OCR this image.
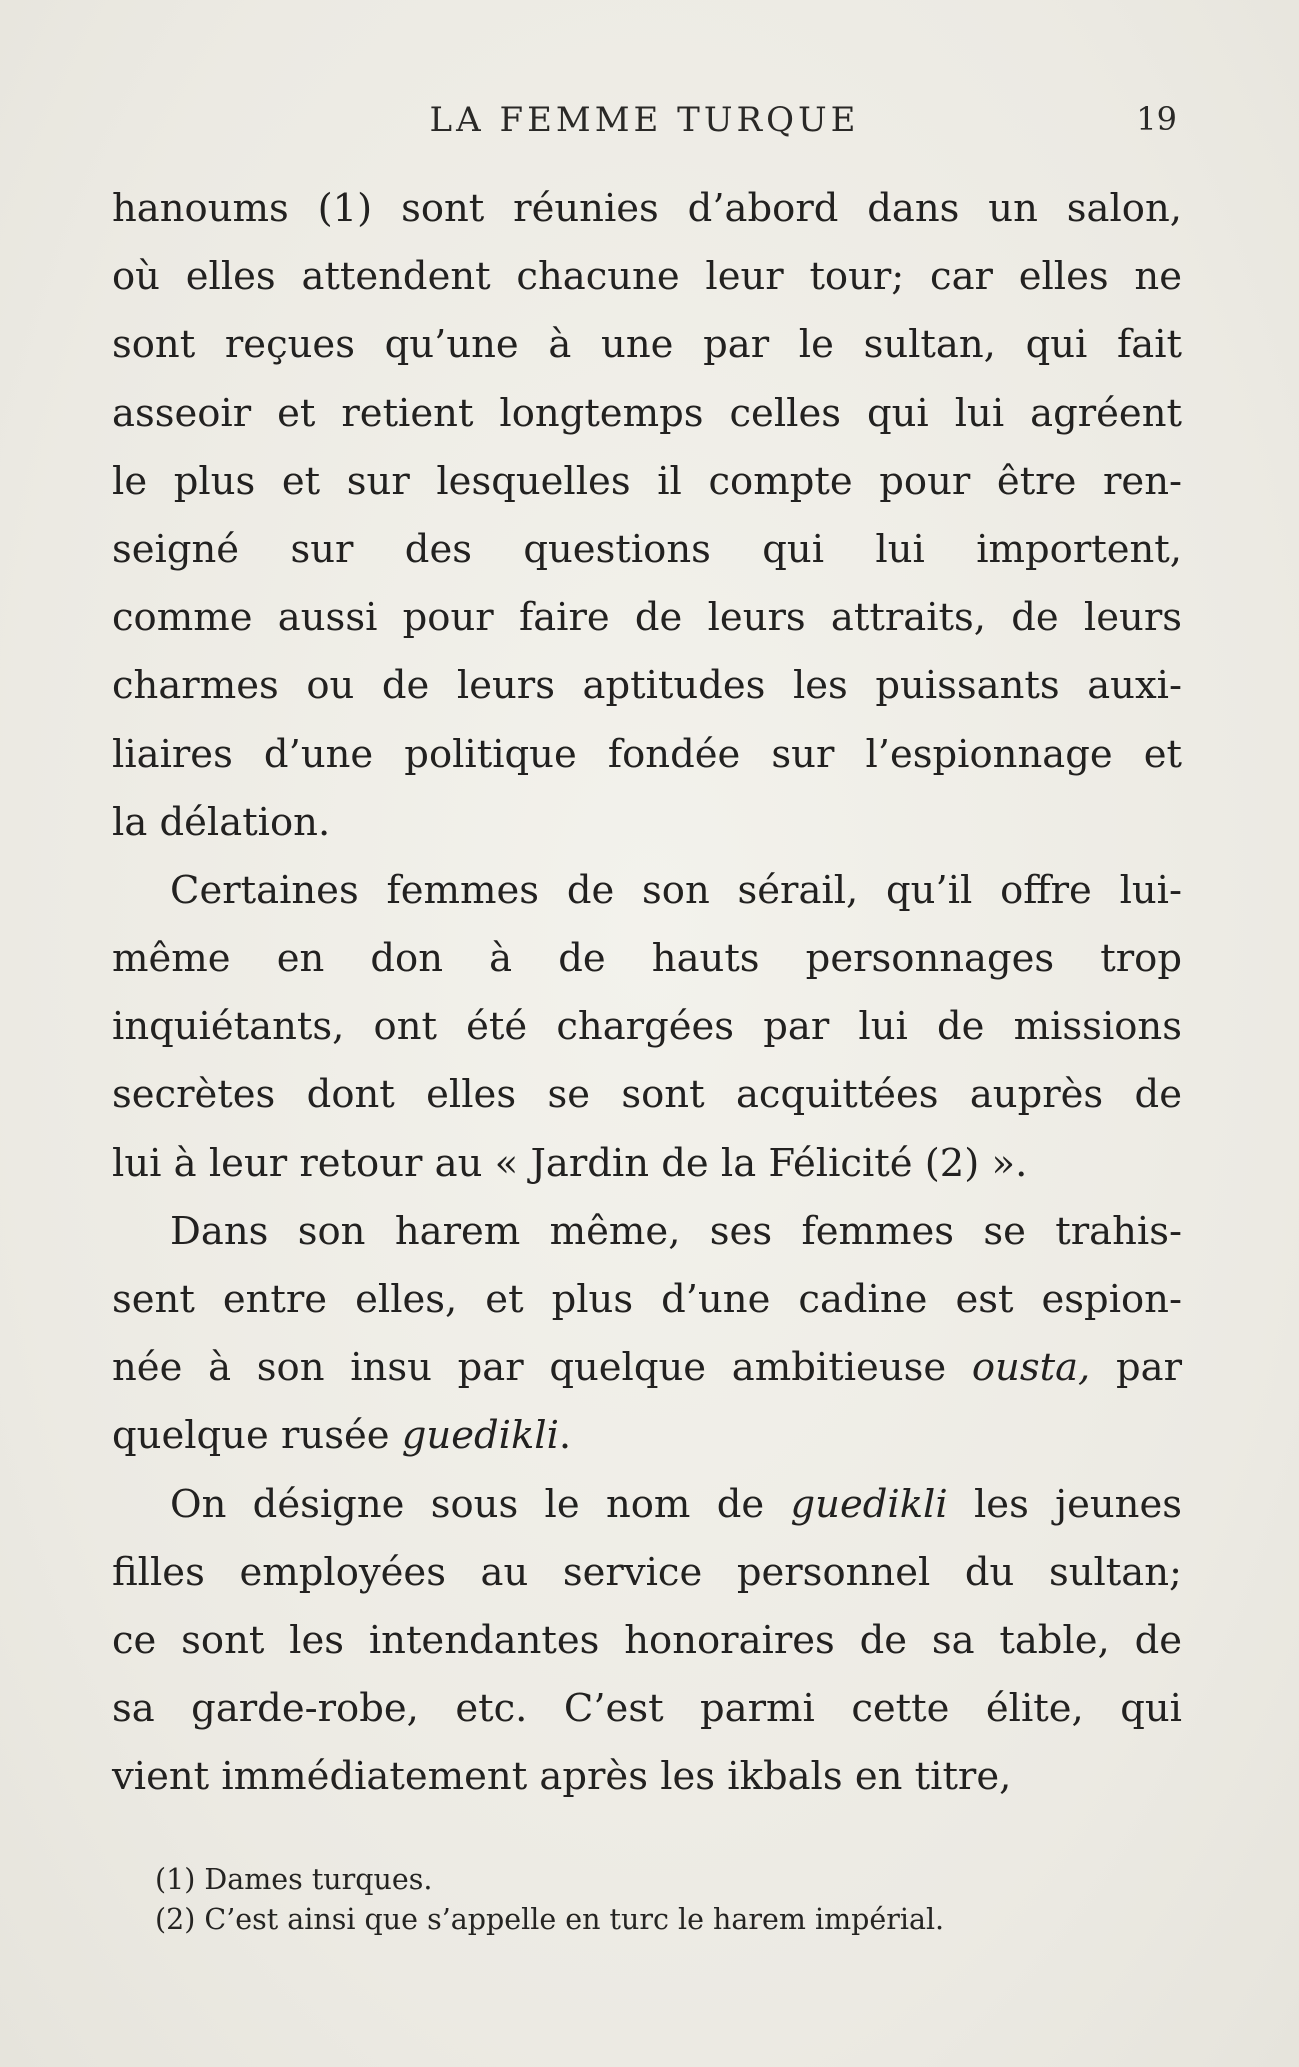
LA FEMME TURQUE	19
hanoums (1) sont réunies d’abord dans un salon,
où elles attendent chacune leur tour; car elles ne
sont reçues qu’une à une par le sultan, qui fait
asseoir et retient longtemps celles qui lui agréent
le plus et sur lesquelles il compte pour être ren-
seigné sur des questions qui lui importent,
comme aussi pour faire de leurs attraits, de leurs
charmes ou de leurs aptitudes les puissants auxi-
liaires d’une politique fondée sur l’espionnage et
la délation.
Certaines femmes de son sérail, qu’il offre lui-
même en don à de hauts personnages trop
inquiétants, ont été chargées par lui de missions
secrètes dont elles se sont acquittées auprès de
lui à leur retour au « Jardin de la Félicité (2) ».
Dans son harem même, ses femmes se trahis-
sent entre elles, et plus d’une cadine est espion-
née à son insu par quelque ambitieuse ousta, par
quelque rusée guedikli.
On désigne sous le nom de guedikli les jeunes
filles employées au service personnel du sultan;
ce sont les intendantes honoraires de sa table, de
sa garde-robe, etc. C’est parmi cette élite, qui
vient immédiatement après les ikbals en titre,
(1) Dames turques.
(2) C’est ainsi que s’appelle en turc le harem impérial.
